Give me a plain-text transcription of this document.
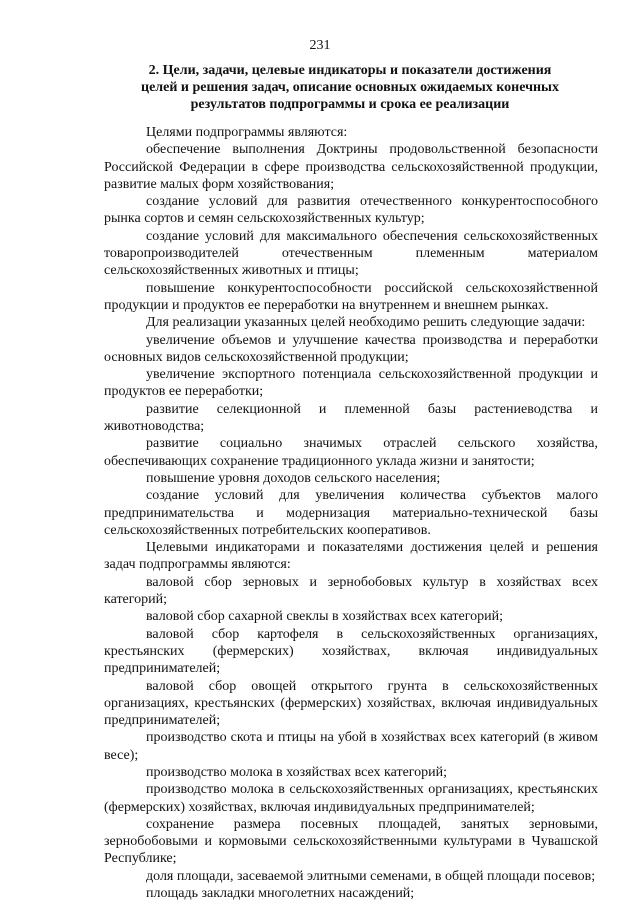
231
2. Цели, задачи, целевые индикаторы и показатели достижения
целей и решения задач, описание основных ожидаемых конечных
результатов подпрограммы и срока ее реализации

Целями подпрограммы являются:

обеспечение выполнения Доктрины продовольственной безопасности Российской Федерации в сфере производства сельскохозяйственной продукции, развитие малых форм хозяйствования;

создание условий для развития отечественного конкурентоспособного рынка сортов и семян сельскохозяйственных культур;

создание условий для максимального обеспечения сельскохозяйственных товаропроизводителей отечественным племенным материалом сельскохозяйственных животных и птицы;

повышение конкурентоспособности российской сельскохозяйственной продукции и продуктов ее переработки на внутреннем и внешнем рынках.

Для реализации указанных целей необходимо решить следующие задачи:

увеличение объемов и улучшение качества производства и переработки основных видов сельскохозяйственной продукции;

увеличение экспортного потенциала сельскохозяйственной продукции и продуктов ее переработки;

развитие селекционной и племенной базы растениеводства и животноводства;

развитие социально значимых отраслей сельского хозяйства, обеспечивающих сохранение традиционного уклада жизни и занятости;

повышение уровня доходов сельского населения;

создание условий для увеличения количества субъектов малого предпринимательства и модернизация материально-технической базы сельскохозяйственных потребительских кооперативов.

Целевыми индикаторами и показателями достижения целей и решения задач подпрограммы являются:

валовой сбор зерновых и зернобобовых культур в хозяйствах всех категорий;

валовой сбор сахарной свеклы в хозяйствах всех категорий;

валовой сбор картофеля в сельскохозяйственных организациях, крестьянских (фермерских) хозяйствах, включая индивидуальных предпринимателей;

валовой сбор овощей открытого грунта в сельскохозяйственных организациях, крестьянских (фермерских) хозяйствах, включая индивидуальных предпринимателей;

производство скота и птицы на убой в хозяйствах всех категорий (в живом весе);

производство молока в хозяйствах всех категорий;

производство молока в сельскохозяйственных организациях, крестьянских (фермерских) хозяйствах, включая индивидуальных предпринимателей;

сохранение размера посевных площадей, занятых зерновыми, зернобобовыми и кормовыми сельскохозяйственными культурами в Чувашской Республике;

доля площади, засеваемой элитными семенами, в общей площади посевов;

площадь закладки многолетних насаждений;
